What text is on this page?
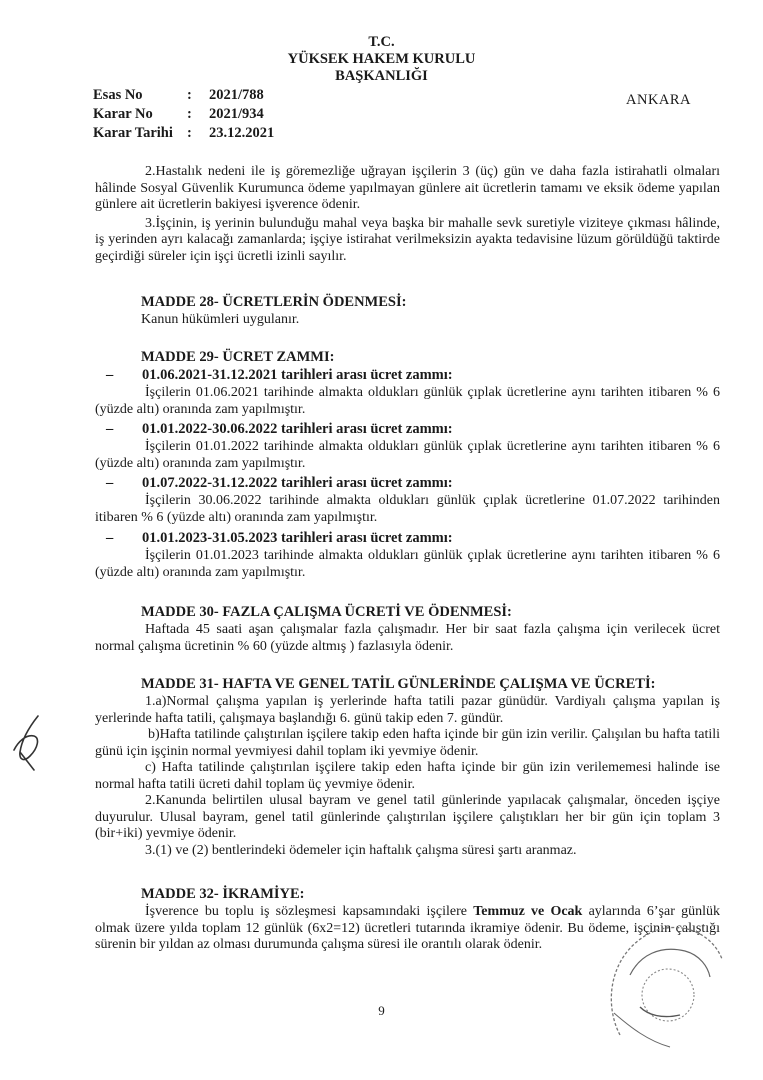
T.C.
YÜKSEK HAKEM KURULU
BAŞKANLIĞI
Esas No	:	2021/788
Karar No	:	2021/934
Karar Tarihi :	23.12.2021
ANKARA

2.Hastalık nedeni ile iş göremezliğe uğrayan işçilerin 3 (üç) gün ve daha fazla istirahatli olmaları hâlinde Sosyal Güvenlik Kurumunca ödeme yapılmayan günlere ait ücretlerin tamamı ve eksik ödeme yapılan günlere ait ücretlerin bakiyesi işverence ödenir.

3.İşçinin, iş yerinin bulunduğu mahal veya başka bir mahalle sevk suretiyle viziteye çıkması hâlinde, iş yerinden ayrı kalacağı zamanlarda; işçiye istirahat verilmeksizin ayakta tedavisine lüzum görüldüğü taktirde geçirdiği süreler için işçi ücretli izinli sayılır.

MADDE 28- ÜCRETLERİN ÖDENMESİ:
Kanun hükümleri uygulanır.
MADDE 29- ÜCRET ZAMMI:
– 01.06.2021-31.12.2021 tarihleri arası ücret zammı:

İşçilerin 01.06.2021 tarihinde almakta oldukları günlük çıplak ücretlerine aynı tarihten itibaren % 6 (yüzde altı) oranında zam yapılmıştır.

– 01.01.2022-30.06.2022 tarihleri arası ücret zammı:

İşçilerin 01.01.2022 tarihinde almakta oldukları günlük çıplak ücretlerine aynı tarihten itibaren % 6 (yüzde altı) oranında zam yapılmıştır.

– 01.07.2022-31.12.2022 tarihleri arası ücret zammı:

İşçilerin 30.06.2022 tarihinde almakta oldukları günlük çıplak ücretlerine 01.07.2022 tarihinden itibaren % 6 (yüzde altı) oranında zam yapılmıştır.

– 01.01.2023-31.05.2023 tarihleri arası ücret zammı:

İşçilerin 01.01.2023 tarihinde almakta oldukları günlük çıplak ücretlerine aynı tarihten itibaren % 6 (yüzde altı) oranında zam yapılmıştır.

MADDE 30- FAZLA ÇALIŞMA ÜCRETİ VE ÖDENMESİ:

Haftada 45 saati aşan çalışmalar fazla çalışmadır. Her bir saat fazla çalışma için verilecek ücret normal çalışma ücretinin % 60 (yüzde altmış ) fazlasıyla ödenir.

MADDE 31- HAFTA VE GENEL TATİL GÜNLERİNDE ÇALIŞMA VE ÜCRETİ:

1.a)Normal çalışma yapılan iş yerlerinde hafta tatili pazar günüdür. Vardiyalı çalışma yapılan iş yerlerinde hafta tatili, çalışmaya başlandığı 6. günü takip eden 7. gündür.

b)Hafta tatilinde çalıştırılan işçilere takip eden hafta içinde bir gün izin verilir. Çalışılan bu hafta tatili günü için işçinin normal yevmiyesi dahil toplam iki yevmiye ödenir.

c) Hafta tatilinde çalıştırılan işçilere takip eden hafta içinde bir gün izin verilememesi halinde ise normal hafta tatili ücreti dahil toplam üç yevmiye ödenir.

2.Kanunda belirtilen ulusal bayram ve genel tatil günlerinde yapılacak çalışmalar, önceden işçiye duyurulur. Ulusal bayram, genel tatil günlerinde çalıştırılan işçilere çalıştıkları her bir gün için toplam 3 (bir+iki) yevmiye ödenir.

3.(1) ve (2) bentlerindeki ödemeler için haftalık çalışma süresi şartı aranmaz.

MADDE 32- İKRAMİYE:

İşverence bu toplu iş sözleşmesi kapsamındaki işçilere Temmuz ve Ocak aylarında 6’şar günlük olmak üzere yılda toplam 12 günlük (6x2=12) ücretleri tutarında ikramiye ödenir. Bu ödeme, işçinin çalıştığı sürenin bir yıldan az olması durumunda çalışma süresi ile orantılı olarak ödenir.

9
